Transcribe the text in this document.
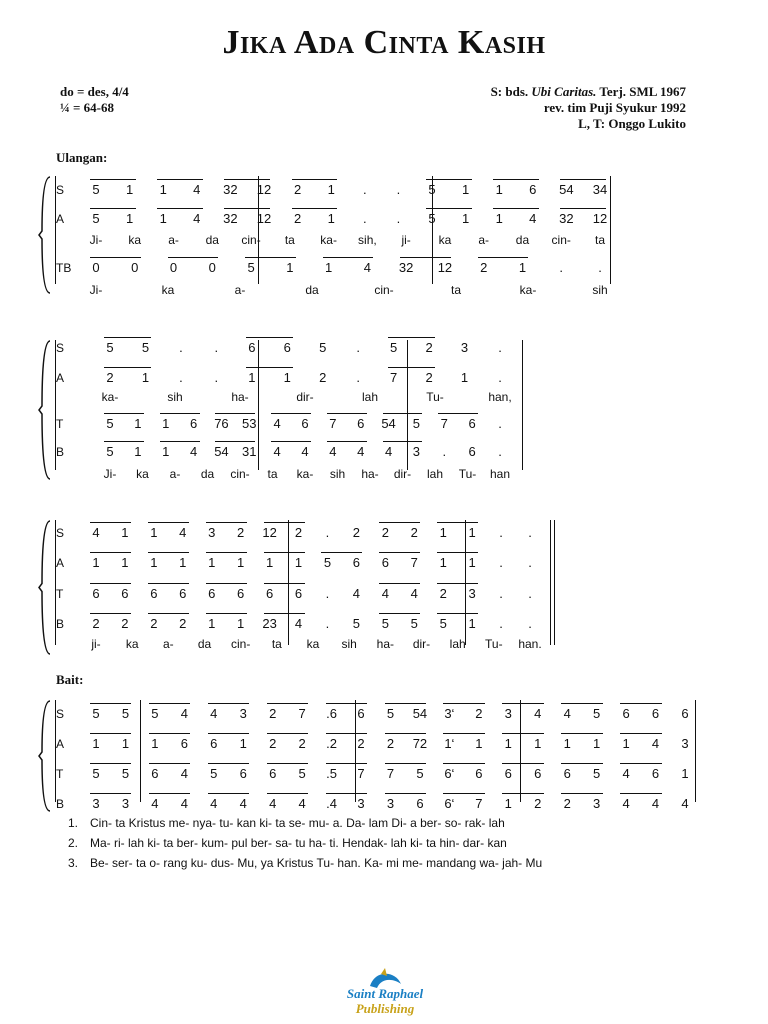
Jika Ada Cinta Kasih
do = des, 4/4
¼ = 64-68
S: bds. Ubi Caritas. Terj. SML 1967
rev. tim Puji Syukur 1992
L, T: Onggo Lukito
Ulangan:
Bait:
S 5 1 1 4 32 12 2 1 . . 5 1 1 6 54 34
A 5 1 1 4 32 12 2 1 . . 5 1 1 4 32 12
Ji- ka a- da cin- ta ka- sih, ji- ka a- da cin- ta
TB 0 0 0 0 5 1 1 4 32 12 2 1	.	.
Ji-	ka	a-	da	cin-	ta	ka-	sih
S	5 5 . . 6 6 5 . 5 2 3 .
A	2 1 . . 1 1 2 . 7 2 1 .
ka-	sih	ha-	dir-	lah	Tu-	han,
T	5 1 1 6 76 53 4 6 7 6 54 5 7 6 .
B	5 1 1 4 54 31 4 4 4 4 4 3 . 6 .
Ji- ka a- da cin- ta ka- sih ha- dir- lah Tu- han
S 4 1 1 4 3 2 12 2 . 2 2 2 1 1 . .
A 1 1 1 1 1 1 1 1 5 6 6 7 1 1 . .
T 6 6 6 6 6 6 6 6 . 4 4 4 2 3 . .
B 2 2 2 2 1 1 23 4 . 5 5 5 5 1 . .
ji- ka a- da cin- ta ka sih ha- dir- lah Tu- han.
S 5 5 5 4 4 3 2 7 .6 6 5 54 3‘ 2 3 4 4 5 6 6 6
A 1 1 1 6 6 1 2 2 .2 2 2 72 1‘ 1 1 1 1 1 1 4 3
T 5 5 6 4 5 6 6 5 .5 7 7 5 6‘ 6 6 6 6 5 4 6 1
B 3 3 4 4 4 4 4 4 .4 3 3 6 6‘ 7 1 2 2 3 4 4 4
1. Cin- ta Kristus me- nya- tu- kan ki- ta se- mu- a. Da- lam Di- a ber- so- rak- lah
2. Ma- ri- lah ki- ta ber- kum- pul ber- sa- tu ha- ti. Hendak- lah ki- ta hin- dar- kan
3. Be- ser- ta o- rang ku- dus- Mu, ya Kristus Tu- han. Ka- mi me- mandang wa- jah- Mu
Saint Raphael
Publishing
